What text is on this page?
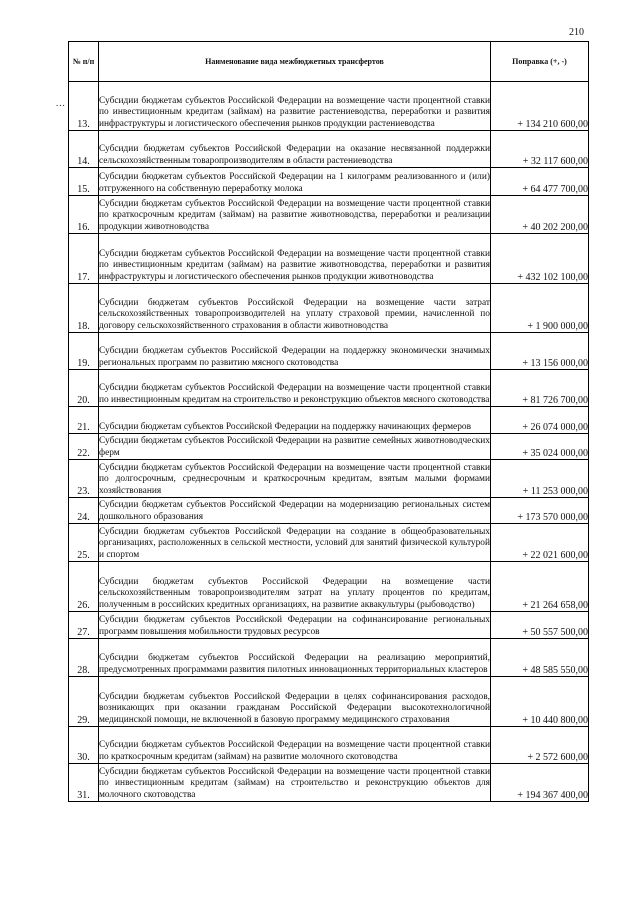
210
...
№ п/п	Наименование вида межбюджетных трансфертов	Поправка (+, -)
13.	Субсидии бюджетам субъектов Российской Федерации на возмещение части процентной ставки по инвестиционным кредитам (займам) на развитие растениеводства, переработки и развития инфраструктуры и логистического обеспечения рынков продукции растениеводства	+ 134 210 600,00
14.	Субсидии бюджетам субъектов Российской Федерации на оказание несвязанной поддержки сельскохозяйственным товаропроизводителям в области растениеводства	+ 32 117 600,00
15.	Субсидии бюджетам субъектов Российской Федерации на 1 килограмм реализованного и (или) отгруженного на собственную переработку молока	+ 64 477 700,00
16.	Субсидии бюджетам субъектов Российской Федерации на возмещение части процентной ставки по краткосрочным кредитам (займам) на развитие животноводства, переработки и реализации продукции животноводства	+ 40 202 200,00
17.	Субсидии бюджетам субъектов Российской Федерации на возмещение части процентной ставки по инвестиционным кредитам (займам) на развитие животноводства, переработки и развития инфраструктуры и логистического обеспечения рынков продукции животноводства	+ 432 102 100,00
18.	Субсидии бюджетам субъектов Российской Федерации на возмещение части затрат сельскохозяйственных товаропроизводителей на уплату страховой премии, начисленной по договору сельскохозяйственного страхования в области животноводства	+ 1 900 000,00
19.	Субсидии бюджетам субъектов Российской Федерации на поддержку экономически значимых региональных программ по развитию мясного скотоводства	+ 13 156 000,00
20.	Субсидии бюджетам субъектов Российской Федерации на возмещение части процентной ставки по инвестиционным кредитам на строительство и реконструкцию объектов мясного скотоводства	+ 81 726 700,00
21.	Субсидии бюджетам субъектов Российской Федерации на поддержку начинающих фермеров	+ 26 074 000,00
22.	Субсидии бюджетам субъектов Российской Федерации на развитие семейных животноводческих ферм	+ 35 024 000,00
23.	Субсидии бюджетам субъектов Российской Федерации на возмещение части процентной ставки по долгосрочным, среднесрочным и краткосрочным кредитам, взятым малыми формами хозяйствования	+ 11 253 000,00
24.	Субсидии бюджетам субъектов Российской Федерации на модернизацию региональных систем дошкольного образования	+ 173 570 000,00
25.	Субсидии бюджетам субъектов Российской Федерации на создание в общеобразовательных организациях, расположенных в сельской местности, условий для занятий физической культурой и спортом	+ 22 021 600,00
26.	Субсидии бюджетам субъектов Российской Федерации на возмещение части сельскохозяйственным товаропроизводителям затрат на уплату процентов по кредитам, полученным в российских кредитных организациях, на развитие аквакультуры (рыбоводство)	+ 21 264 658,00
27.	Субсидии бюджетам субъектов Российской Федерации на софинансирование региональных программ повышения мобильности трудовых ресурсов	+ 50 557 500,00
28.	Субсидии бюджетам субъектов Российской Федерации на реализацию мероприятий, предусмотренных программами развития пилотных инновационных территориальных кластеров	+ 48 585 550,00
29.	Субсидии бюджетам субъектов Российской Федерации в целях софинансирования расходов, возникающих при оказании гражданам Российской Федерации высокотехнологичной медицинской помощи, не включенной в базовую программу медицинского страхования	+ 10 440 800,00
30.	Субсидии бюджетам субъектов Российской Федерации на возмещение части процентной ставки по краткосрочным кредитам (займам) на развитие молочного скотоводства	+ 2 572 600,00
31.	Субсидии бюджетам субъектов Российской Федерации на возмещение части процентной ставки по инвестиционным кредитам (займам) на строительство и реконструкцию объектов для молочного скотоводства	+ 194 367 400,00
